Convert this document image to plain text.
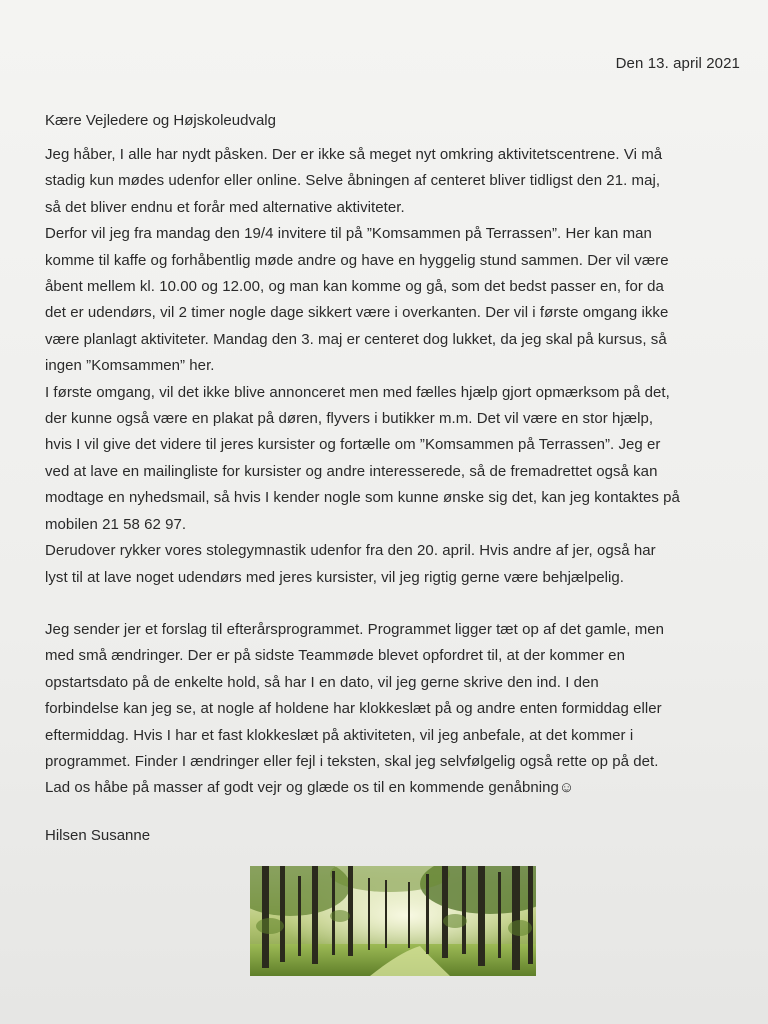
Den 13. april 2021
Kære Vejledere og Højskoleudvalg

Jeg håber, I alle har nydt påsken. Der er ikke så meget nyt omkring aktivitetscentrene. Vi må

stadig kun mødes udenfor eller online. Selve åbningen af centeret bliver tidligst den 21. maj,

så det bliver endnu et forår med alternative aktiviteter.

Derfor vil jeg fra mandag den 19/4 invitere til på ”Komsammen på Terrassen”. Her kan man

komme til kaffe og forhåbentlig møde andre og have en hyggelig stund sammen. Der vil være

åbent mellem kl. 10.00 og 12.00, og man kan komme og gå, som det bedst passer en, for da

det er udendørs, vil 2 timer nogle dage sikkert være i overkanten. Der vil i første omgang ikke

være planlagt aktiviteter. Mandag den 3. maj er centeret dog lukket, da jeg skal på kursus, så

ingen ”Komsammen” her.

I første omgang, vil det ikke blive annonceret men med fælles hjælp gjort opmærksom på det,

der kunne også være en plakat på døren, flyvers i butikker m.m. Det vil være en stor hjælp,

hvis I vil give det videre til jeres kursister og fortælle om ”Komsammen på Terrassen”. Jeg er

ved at lave en mailingliste for kursister og andre interesserede, så de fremadrettet også kan

modtage en nyhedsmail, så hvis I kender nogle som kunne ønske sig det, kan jeg kontaktes på

mobilen 21 58 62 97.

Derudover rykker vores stolegymnastik udenfor fra den 20. april. Hvis andre af jer, også har

lyst til at lave noget udendørs med jeres kursister, vil jeg rigtig gerne være behjælpelig.

Jeg sender jer et forslag til efterårsprogrammet. Programmet ligger tæt op af det gamle, men

med små ændringer. Der er på sidste Teammøde blevet opfordret til, at der kommer en

opstartsdato på de enkelte hold, så har I en dato, vil jeg gerne skrive den ind. I den

forbindelse kan jeg se, at nogle af holdene har klokkeslæt på og andre enten formiddag eller

eftermiddag. Hvis I har et fast klokkeslæt på aktiviteten, vil jeg anbefale, at det kommer i

programmet. Finder I ændringer eller fejl i teksten, skal jeg selvfølgelig også rette op på det.

Lad os håbe på masser af godt vejr og glæde os til en kommende genåbning☺

Hilsen Susanne
